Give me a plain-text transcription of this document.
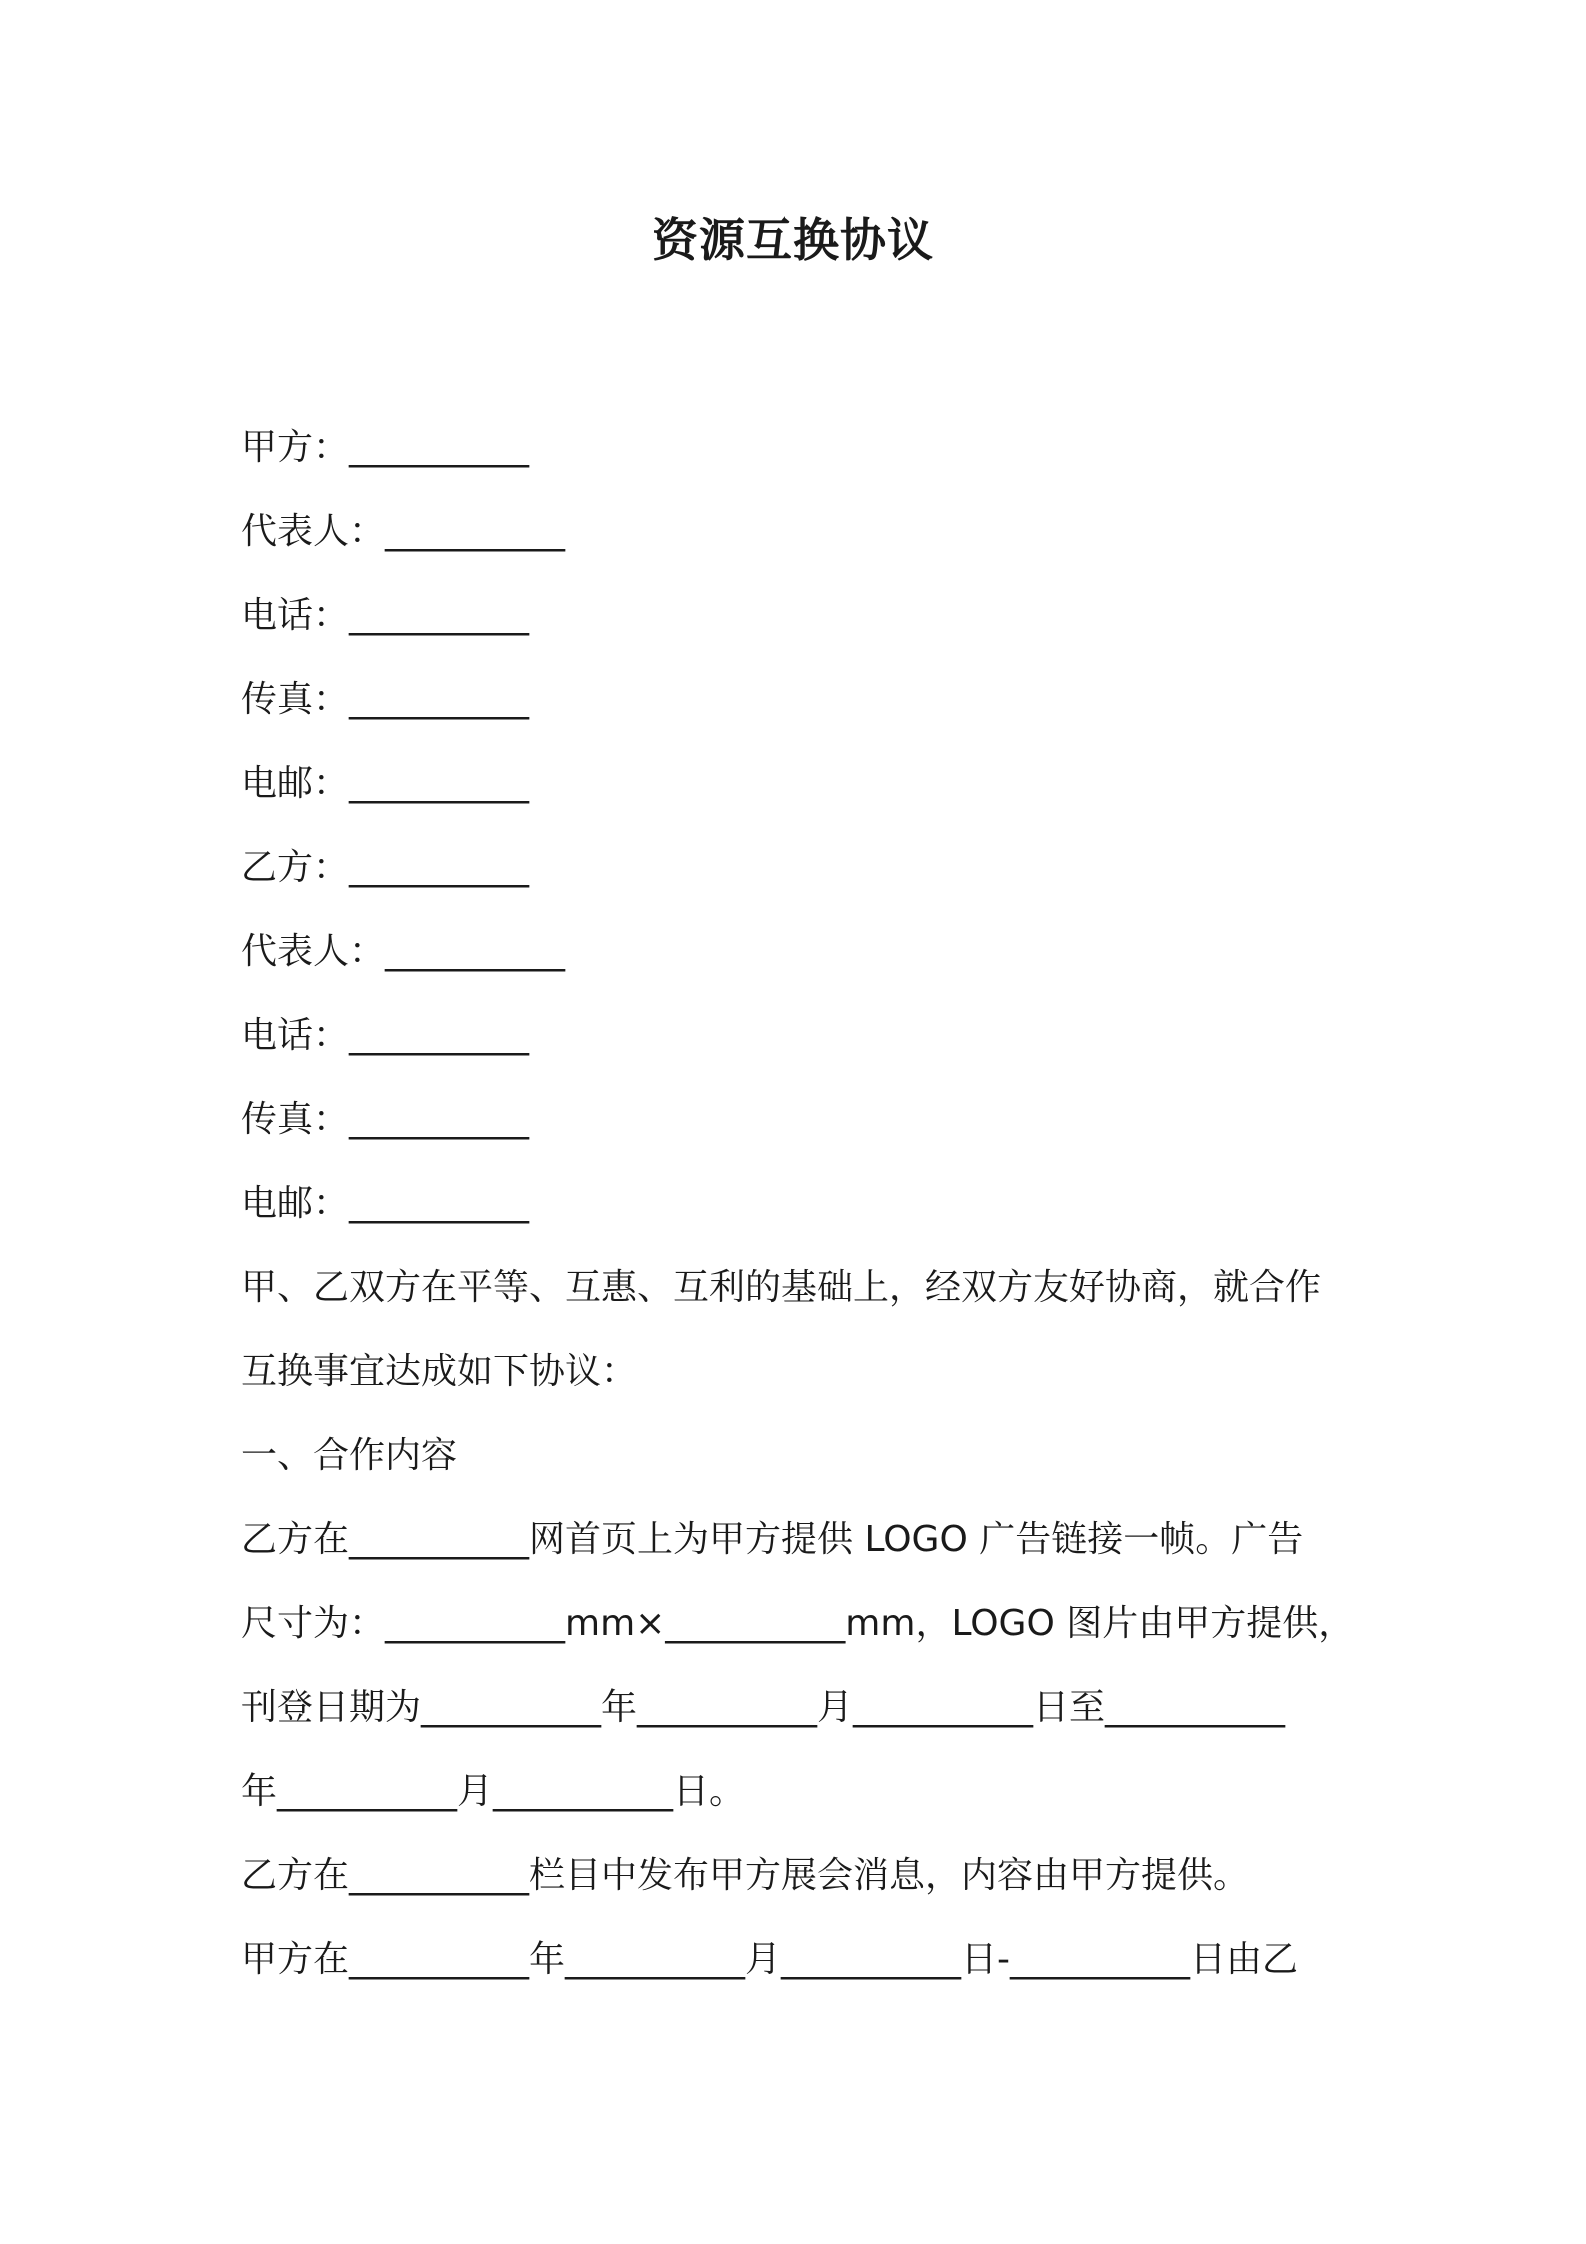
资源互换协议
甲方：__________
代表人：__________
电话：__________
传真：__________
电邮：__________
乙方：__________
代表人：__________
电话：__________
传真：__________
电邮：__________
甲、乙双方在平等、互惠、互利的基础上，经双方友好协商，就合作
互换事宜达成如下协议：
一、合作内容
乙方在__________网首页上为甲方提供 LOGO 广告链接一帧。广告
尺寸为：__________mm×__________mm，LOGO 图片由甲方提供，
刊登日期为__________年__________月__________日至__________
年__________月__________日。
乙方在__________栏目中发布甲方展会消息，内容由甲方提供。
甲方在__________年__________月__________日-__________日由乙
